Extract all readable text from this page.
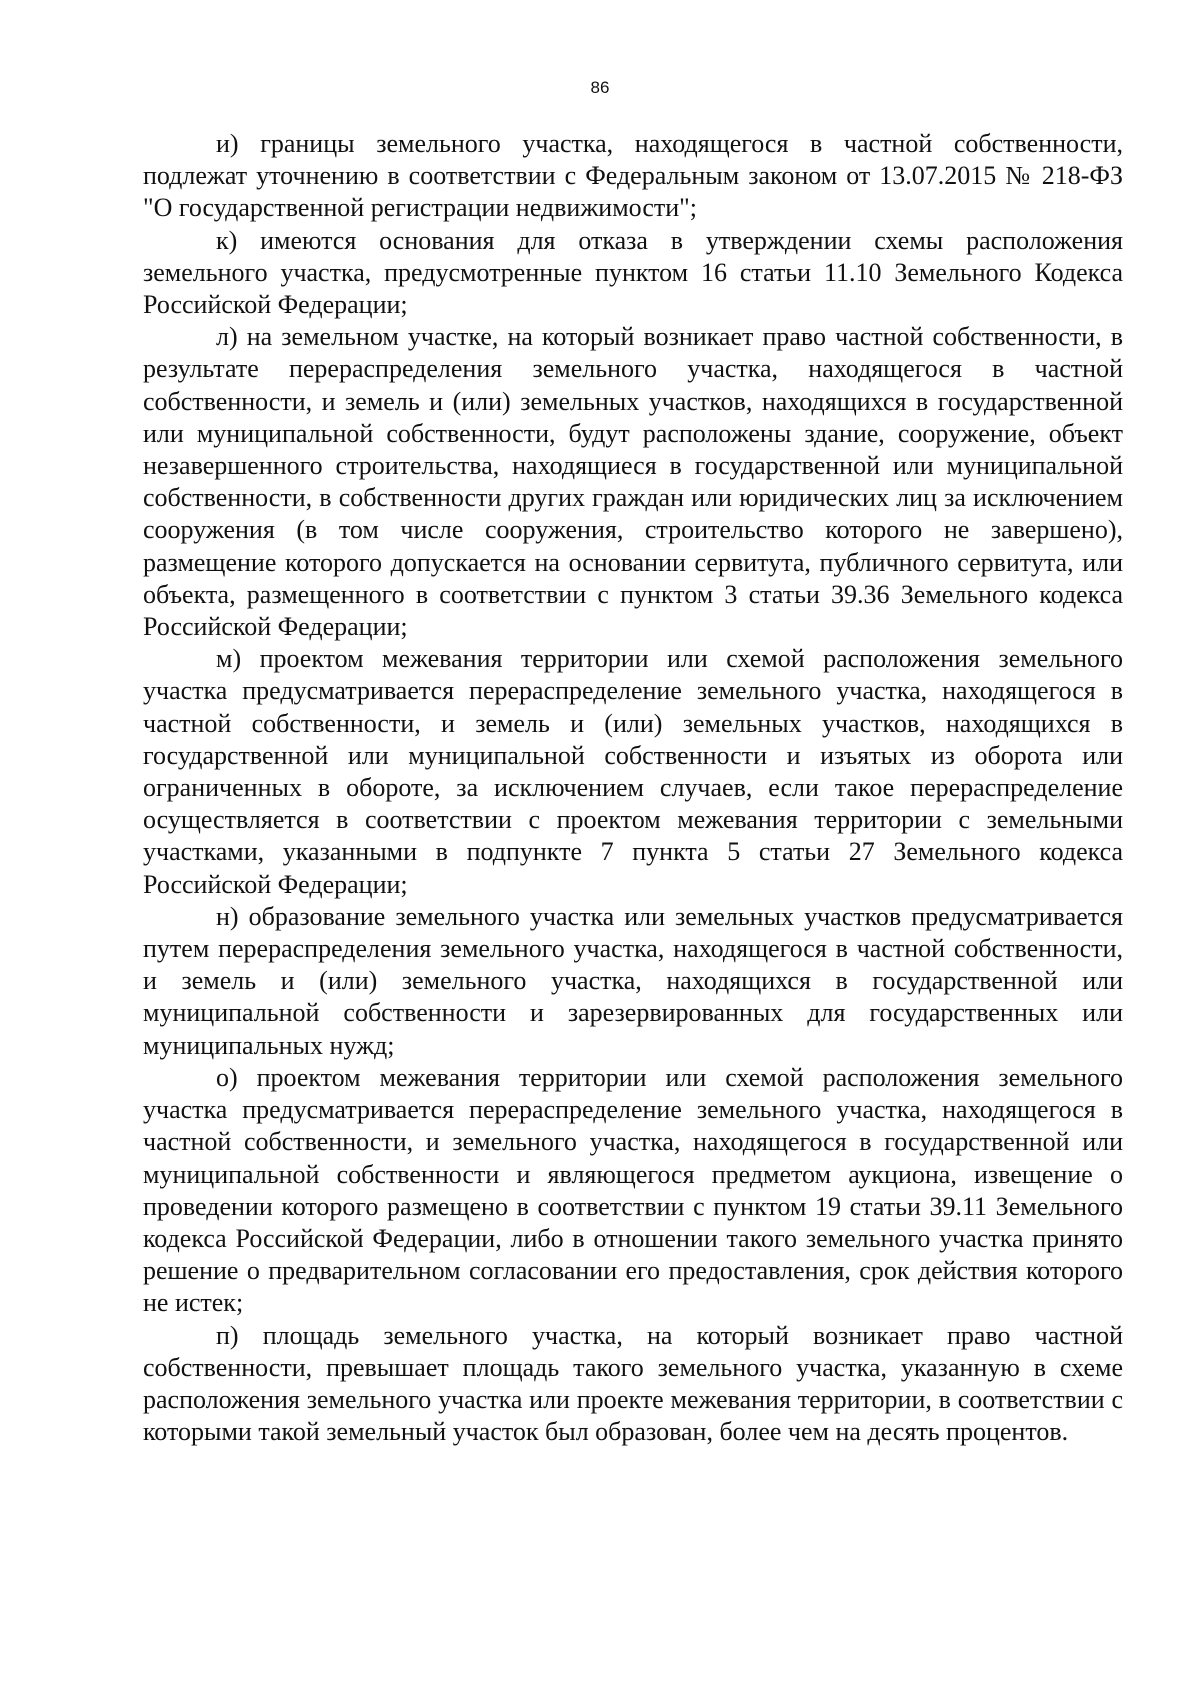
86

и) границы земельного участка, находящегося в частной собственности, подлежат уточнению в соответствии с Федеральным законом от 13.07.2015 № 218-ФЗ "О государственной регистрации недвижимости";

к) имеются основания для отказа в утверждении схемы расположения земельного участка, предусмотренные пунктом 16 статьи 11.10 Земельного Кодекса Российской Федерации;

л) на земельном участке, на который возникает право частной собственности, в результате перераспределения земельного участка, находящегося в частной собственности, и земель и (или) земельных участков, находящихся в государственной или муниципальной собственности, будут расположены здание, сооружение, объект незавершенного строительства, находящиеся в государственной или муниципальной собственности, в собственности других граждан или юридических лиц за исключением сооружения (в том числе сооружения, строительство которого не завершено), размещение которого допускается на основании сервитута, публичного сервитута, или объекта, размещенного в соответствии с пунктом 3 статьи 39.36 Земельного кодекса Российской Федерации;

м) проектом межевания территории или схемой расположения земельного участка предусматривается перераспределение земельного участка, находящегося в частной собственности, и земель и (или) земельных участков, находящихся в государственной или муниципальной собственности и изъятых из оборота или ограниченных в обороте, за исключением случаев, если такое перераспределение осуществляется в соответствии с проектом межевания территории с земельными участками, указанными в подпункте 7 пункта 5 статьи 27 Земельного кодекса Российской Федерации;

н) образование земельного участка или земельных участков предусматривается путем перераспределения земельного участка, находящегося в частной собственности, и земель и (или) земельного участка, находящихся в государственной или муниципальной собственности и зарезервированных для государственных или муниципальных нужд;

о) проектом межевания территории или схемой расположения земельного участка предусматривается перераспределение земельного участка, находящегося в частной собственности, и земельного участка, находящегося в государственной или муниципальной собственности и являющегося предметом аукциона, извещение о проведении которого размещено в соответствии с пунктом 19 статьи 39.11 Земельного кодекса Российской Федерации, либо в отношении такого земельного участка принято решение о предварительном согласовании его предоставления, срок действия которого не истек;

п) площадь земельного участка, на который возникает право частной собственности, превышает площадь такого земельного участка, указанную в схеме расположения земельного участка или проекте межевания территории, в соответствии с которыми такой земельный участок был образован, более чем на десять процентов.
